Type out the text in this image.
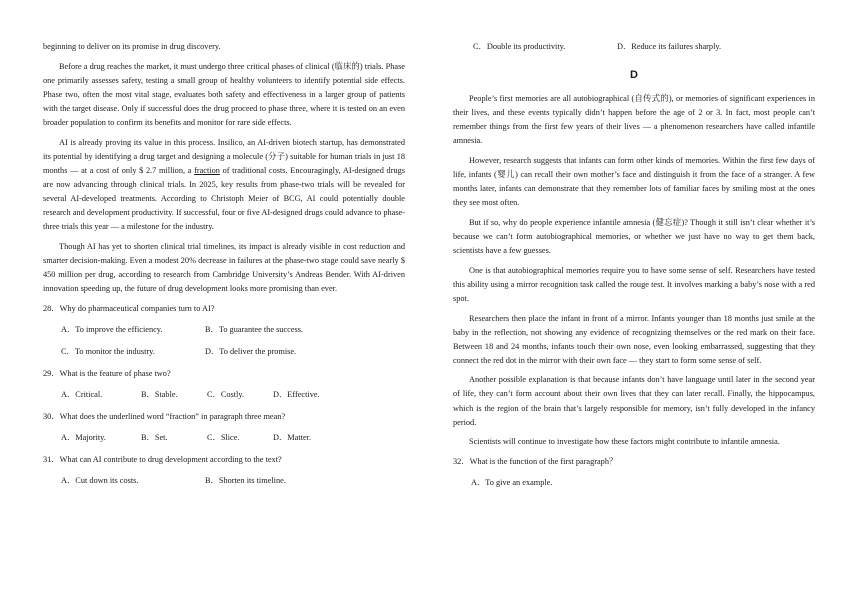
beginning to deliver on its promise in drug discovery.

Before a drug reaches the market, it must undergo three critical phases of clinical (临床的) trials. Phase one primarily assesses safety, testing a small group of healthy volunteers to identify potential side effects. Phase two, often the most vital stage, evaluates both safety and effectiveness in a larger group of patients with the target disease. Only if successful does the drug proceed to phase three, where it is tested on an even broader population to confirm its benefits and monitor for rare side effects.

AI is already proving its value in this process. Insilico, an AI-driven biotech startup, has demonstrated its potential by identifying a drug target and designing a molecule (分子) suitable for human trials in just 18 months — at a cost of only $ 2.7 million, a fraction of traditional costs. Encouragingly, AI-designed drugs are now advancing through clinical trials. In 2025, key results from phase-two trials will be revealed for several AI-developed treatments. According to Christoph Meier of BCG, AI could potentially double research and development productivity. If successful, four or five AI-designed drugs could advance to phase-three trials this year — a milestone for the industry.

Though AI has yet to shorten clinical trial timelines, its impact is already visible in cost reduction and smarter decision-making. Even a modest 20% decrease in failures at the phase-two stage could save nearly $ 450 million per drug, according to research from Cambridge University’s Andreas Bender. With AI-driven innovation speeding up, the future of drug development looks more promising than ever.

28．Why do pharmaceutical companies turn to AI?
A．To improve the efficiency.	B．To guarantee the success.
C．To monitor the industry.	D．To deliver the promise.
29．What is the feature of phase two?
A．Critical.	B．Stable.	C．Costly.	D．Effective.
30．What does the underlined word “fraction” in paragraph three mean?
A．Majority.	B．Set.	C．Slice.	D．Matter.
31．What can AI contribute to drug development according to the text?
A．Cut down its costs.	B．Shorten its timeline.
C．Double its productivity.	D．Reduce its failures sharply.
D

People’s first memories are all autobiographical (自传式的), or memories of significant experiences in their lives, and these events typically didn’t happen before the age of 2 or 3. In fact, most people can’t remember things from the first few years of their lives — a phenomenon researchers have called infantile amnesia.

However, research suggests that infants can form other kinds of memories. Within the first few days of life, infants (婴儿) can recall their own mother’s face and distinguish it from the face of a stranger. A few months later, infants can demonstrate that they remember lots of familiar faces by smiling most at the ones they see most often.

But if so, why do people experience infantile amnesia (健忘症)? Though it still isn’t clear whether it’s because we can’t form autobiographical memories, or whether we just have no way to get them back, scientists have a few guesses.

One is that autobiographical memories require you to have some sense of self. Researchers have tested this ability using a mirror recognition task called the rouge test. It involves marking a baby’s nose with a red spot.

Researchers then place the infant in front of a mirror. Infants younger than 18 months just smile at the baby in the reflection, not showing any evidence of recognizing themselves or the red mark on their face. Between 18 and 24 months, infants touch their own nose, even looking embarrassed, suggesting that they connect the red dot in the mirror with their own face — they start to form some sense of self.

Another possible explanation is that because infants don’t have language until later in the second year of life, they can’t form account about their own lives that they can later recall. Finally, the hippocampus, which is the region of the brain that’s largely responsible for memory, isn’t fully developed in the infancy period.

Scientists will continue to investigate how these factors might contribute to infantile amnesia.

32．What is the function of the first paragraph？
A．To give an example.
